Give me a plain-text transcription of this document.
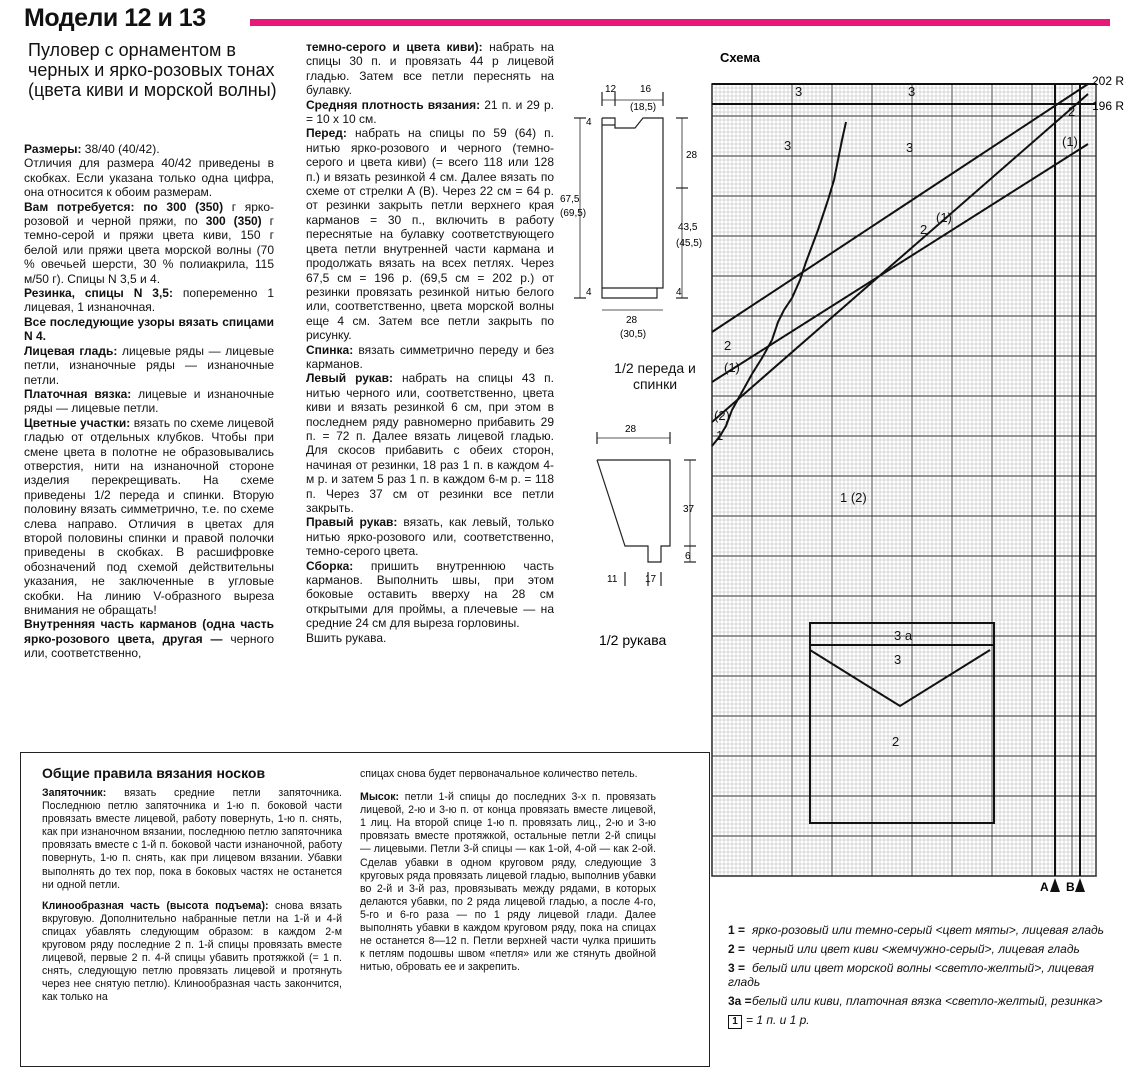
Модели 12 и 13
Пуловер с орнаментом в черных и ярко-розовых тонах (цвета киви и морской волны)

Размеры: 38/40 (40/42).

Отличия для размера 40/42 приведены в скобках. Если указана только одна цифра, она относится к обоим размерам.

Вам потребуется: по 300 (350) г ярко-розовой и черной пряжи, по 300 (350) г темно-серой и пряжи цвета киви, 150 г белой или пряжи цвета морской волны (70 % овечьей шерсти, 30 % полиакрила, 115 м/50 г). Спицы N 3,5 и 4.

Резинка, спицы N 3,5: попеременно 1 лицевая, 1 изнаночная.

Все последующие узоры вязать спицами N 4.

Лицевая гладь: лицевые ряды — лицевые петли, изнаночные ряды — изнаночные петли.

Платочная вязка: лицевые и изнаночные ряды — лицевые петли.

Цветные участки: вязать по схеме лицевой гладью от отдельных клубков. Чтобы при смене цвета в полотне не образовывались отверстия, нити на изнаночной стороне изделия перекрещивать. На схеме приведены 1/2 переда и спинки. Вторую половину вязать симметрично, т.е. по схеме слева направо. Отличия в цветах для второй половины спинки и правой полочки приведены в скобках. В расшифровке обозначений под схемой действительны указания, не заключенные в угловые скобки. На линию V-образного выреза внимания не обращать!

Внутренняя часть карманов (одна часть ярко-розового цвета, другая — черного или, соответственно,

темно-серого и цвета киви): набрать на спицы 30 п. и провязать 44 р лицевой гладью. Затем все петли переснять на булавку.

Средняя плотность вязания: 21 п. и 29 р. = 10 х 10 см.

Перед: набрать на спицы по 59 (64) п. нитью ярко-розового и черного (темно-серого и цвета киви) (= всего 118 или 128 п.) и вязать резинкой 4 см. Далее вязать по схеме от стрелки А (В). Через 22 см = 64 р. от резинки закрыть петли верхнего края карманов = 30 п., включить в работу переснятые на булавку соответствующего цвета петли внутренней части кармана и продолжать вязать на всех петлях. Через 67,5 см = 196 р. (69,5 см = 202 р.) от резинки провязать резинкой нитью белого или, соответственно, цвета морской волны еще 4 см. Затем все петли закрыть по рисунку.

Спинка: вязать симметрично переду и без карманов.

Левый рукав: набрать на спицы 43 п. нитью черного или, соответственно, цвета киви и вязать резинкой 6 см, при этом в последнем ряду равномерно прибавить 29 п. = 72 п. Далее вязать лицевой гладью. Для скосов прибавить с обеих сторон, начиная от резинки, 18 раз 1 п. в каждом 4-м р. и затем 5 раз 1 п. в каждом 6-м р. = 118 п. Через 37 см от резинки все петли закрыть.

Правый рукав: вязать, как левый, только нитью ярко-розового или, соответственно, темно-серого цвета.

Сборка: пришить внутреннюю часть карманов. Выполнить швы, при этом боковые оставить вверху на 28 см открытыми для проймы, а плечевые — на средние 24 см для выреза горловины.

Вшить рукава.

12 16
(18,5)
4
67,5
(69,5)
28
43,5
(45,5)
4	4
28
(30,5)
1/2 переда и спинки
28
37
6
11	17
1/2 рукава
Схема
A B
202 R
196 R
3	3
3	3
2
(1)
(1)
2
2
(1)
(2)
1
1 (2)
3 a
3
2
Общие правила вязания носков

Запяточник: вязать средние петли запяточника. Последнюю петлю запяточника и 1-ю п. боковой части провязать вместе лицевой, работу повернуть, 1-ю п. снять, как при изнаночном вязании, последнюю петлю запяточника провязать вместе с 1-й п. боковой части изнаночной, работу повернуть, 1-ю п. снять, как при лицевом вязании. Убавки выполнять до тех пор, пока в боковых частях не останется ни одной петли.

Клинообразная часть (высота подъема): снова вязать вкруговую. Дополнительно набранные петли на 1-й и 4-й спицах убавлять следующим образом: в каждом 2-м круговом ряду последние 2 п. 1-й спицы провязать вместе лицевой, первые 2 п. 4-й спицы убавить протяжкой (= 1 п. снять, следующую петлю провязать лицевой и протянуть через нее снятую петлю). Клинообразная часть закончится, как только на

спицах снова будет первоначальное количество петель.

Мысок: петли 1-й спицы до последних 3-х п. провязать лицевой, 2-ю и 3-ю п. от конца провязать вместе лицевой, 1 лиц. На второй спице 1-ю п. провязать лиц., 2-ю и 3-ю провязать вместе протяжкой, остальные петли 2-й спицы — лицевыми. Петли 3-й спицы — как 1-ой, 4-ой — как 2-ой. Сделав убавки в одном круговом ряду, следующие 3 круговых ряда провязать лицевой гладью, выполнив убавки во 2-й и 3-й раз, провязывать между рядами, в которых делаются убавки, по 2 ряда лицевой гладью, а после 4-го, 5-го и 6-го раза — по 1 ряду лицевой глади. Далее выполнять убавки в каждом круговом ряду, пока на спицах не останется 8—12 п. Петли верхней части чулка пришить к петлям подошвы швом «петля» или же стянуть двойной нитью, обровать ее и закрепить.

1 = ярко-розовый или темно-серый <цвет мяты>, лицевая гладь

2 = черный или цвет киви <жемчужно-серый>, лицевая гладь

3 = белый или цвет морской волны <светло-желтый>, лицевая гладь

3а =белый или киви, платочная вязка <светло-желтый, резинка>

1 = 1 п. и 1 р.
